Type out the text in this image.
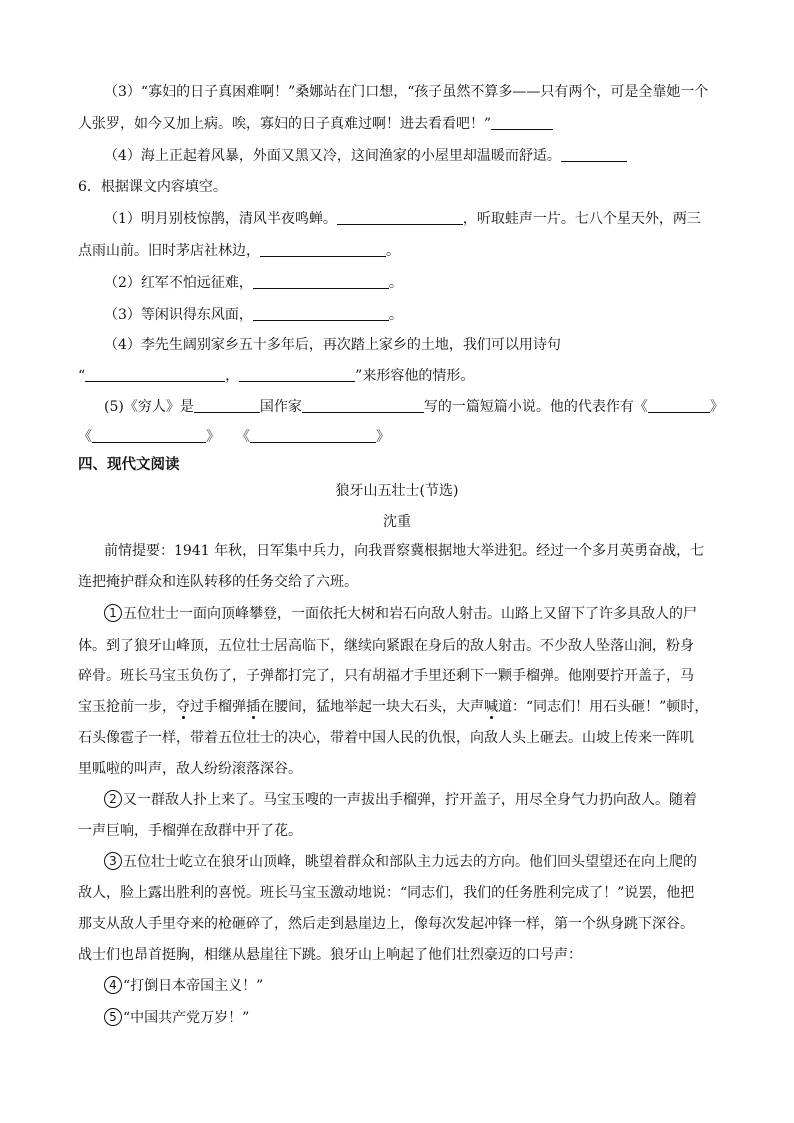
（3）“寡妇的日子真困难啊！”桑娜站在门口想，“孩子虽然不算多——只有两个，可是全靠她一个
人张罗，如今又加上病。唉，寡妇的日子真难过啊！进去看看吧！”
（4）海上正起着风暴，外面又黑又冷，这间渔家的小屋里却温暖而舒适。
6．根据课文内容填空。
（1）明月别枝惊鹊，清风半夜鸣蝉。	，听取蛙声一片。七八个星天外，两三
点雨山前。旧时茅店社林边，	。
（2）红军不怕远征难，	。
（3）等闲识得东风面，	。
（4）李先生阔别家乡五十多年后，再次踏上家乡的土地，我们可以用诗句
“	，	”来形容他的情形。
(5)《穷人》是	国作家	写的一篇短篇小说。他的代表作有《	》
《	》 《	》
四、现代文阅读
狼牙山五壮士(节选)
沈重
前情提要：1941 年秋，日军集中兵力，向我晋察冀根据地大举进犯。经过一个多月英勇奋战，七
连把掩护群众和连队转移的任务交给了六班。
1 五位壮士一面向顶峰攀登，一面依托大树和岩石向敌人射击。山路上又留下了许多具敌人的尸
体。到了狼牙山峰顶，五位壮士居高临下，继续向紧跟在身后的敌人射击。不少敌人坠落山涧，粉身
碎骨。班长马宝玉负伤了，子弹都打完了，只有胡福才手里还剩下一颗手榴弹。他刚要拧开盖子，马
宝玉抢前一步，夺过手榴弹插在腰间，猛地举起一块大石头，大声喊道：“同志们！用石头砸！”顿时，
石头像雹子一样，带着五位壮士的决心，带着中国人民的仇恨，向敌人头上砸去。山坡上传来一阵叽
里呱啦的叫声，敌人纷纷滚落深谷。
2 又一群敌人扑上来了。马宝玉嗖的一声拔出手榴弹，拧开盖子，用尽全身气力扔向敌人。随着
一声巨响，手榴弹在敌群中开了花。
3 五位壮士屹立在狼牙山顶峰，眺望着群众和部队主力远去的方向。他们回头望望还在向上爬的
敌人，脸上露出胜利的喜悦。班长马宝玉激动地说：“同志们，我们的任务胜利完成了！”说罢，他把
那支从敌人手里夺来的枪砸碎了，然后走到悬崖边上，像每次发起冲锋一样，第一个纵身跳下深谷。
战士们也昂首挺胸，相继从悬崖往下跳。狼牙山上响起了他们壮烈豪迈的口号声：
4 “打倒日本帝国主义！”
5 “中国共产党万岁！”
